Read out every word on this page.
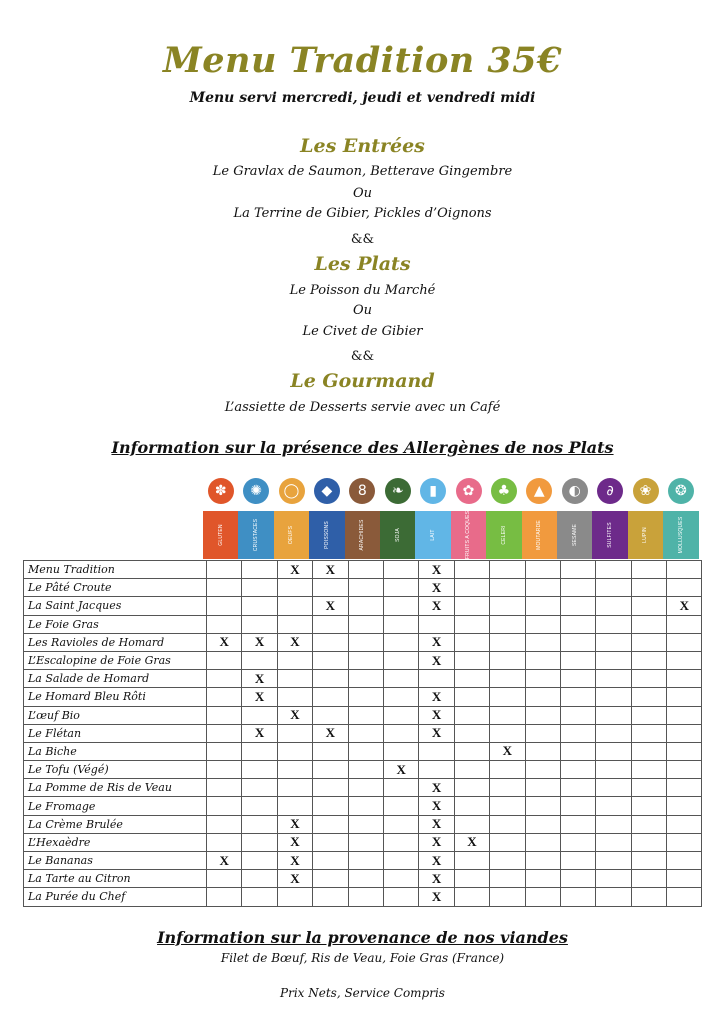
Menu Tradition 35€
Menu servi mercredi, jeudi et vendredi midi
Les Entrées
Le Gravlax de Saumon, Betterave Gingembre
Ou
La Terrine de Gibier, Pickles d’Oignons
&&
Les Plats
Le Poisson du Marché
Ou
Le Civet de Gibier
&&
Le Gourmand
L’assiette de Desserts servie avec un Café
Information sur la présence des Allergènes de nos Plats
✽	✺	◯	◆	8	❧	▮	✿	♣	▲	◐	∂	❀	❂
GLUTEN	CRUSTACES	OEUFS	POISSONS	ARACHIDES	SOJA	LAIT	FRUITS A COQUES	CELERI	MOUTARDE	SESAME	SULFITES	LUPIN	MOLLUSQUES
Menu Tradition			X	X			X							
Le Pâté Croute							X							
La Saint Jacques				X			X							X
Le Foie Gras														
Les Ravioles de Homard	X	X	X				X							
L’Escalopine de Foie Gras							X							
La Salade de Homard		X												
Le Homard Bleu Rôti		X					X							
L’œuf Bio			X				X							
Le Flétan		X		X			X							
La Biche									X					
Le Tofu (Végé)						X								
La Pomme de Ris de Veau							X							
Le Fromage							X							
La Crème Brulée			X				X							
L’Hexaèdre			X				X	X						
Le Bananas	X		X				X							
La Tarte au Citron			X				X							
La Purée du Chef							X							
Information sur la provenance de nos viandes
Filet de Bœuf, Ris de Veau, Foie Gras (France)
Prix Nets, Service Compris
